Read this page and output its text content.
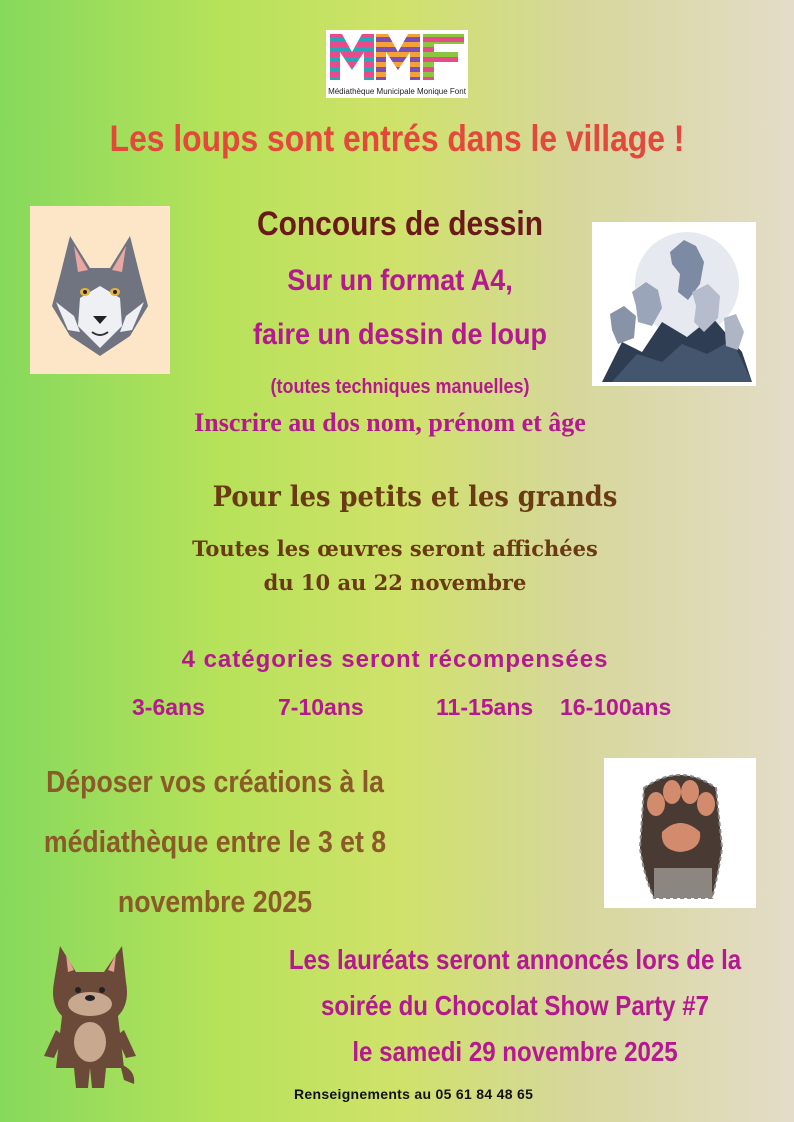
Médiathèque Municipale Monique Font
Les loups sont entrés dans le village !
Concours de dessin
Sur un format A4,
faire un dessin de loup
(toutes techniques manuelles)
Inscrire au dos nom, prénom et âge
Pour les petits et les grands
Toutes les œuvres seront affichées
du 10 au 22 novembre
4 catégories seront récompensées
3-6ans	7-10ans	11-15ans 16-100ans
Déposer vos créations à la
médiathèque entre le 3 et 8
novembre 2025
Les lauréats seront annoncés lors de la
soirée du Chocolat Show Party #7
le samedi 29 novembre 2025
Renseignements au 05 61 84 48 65
